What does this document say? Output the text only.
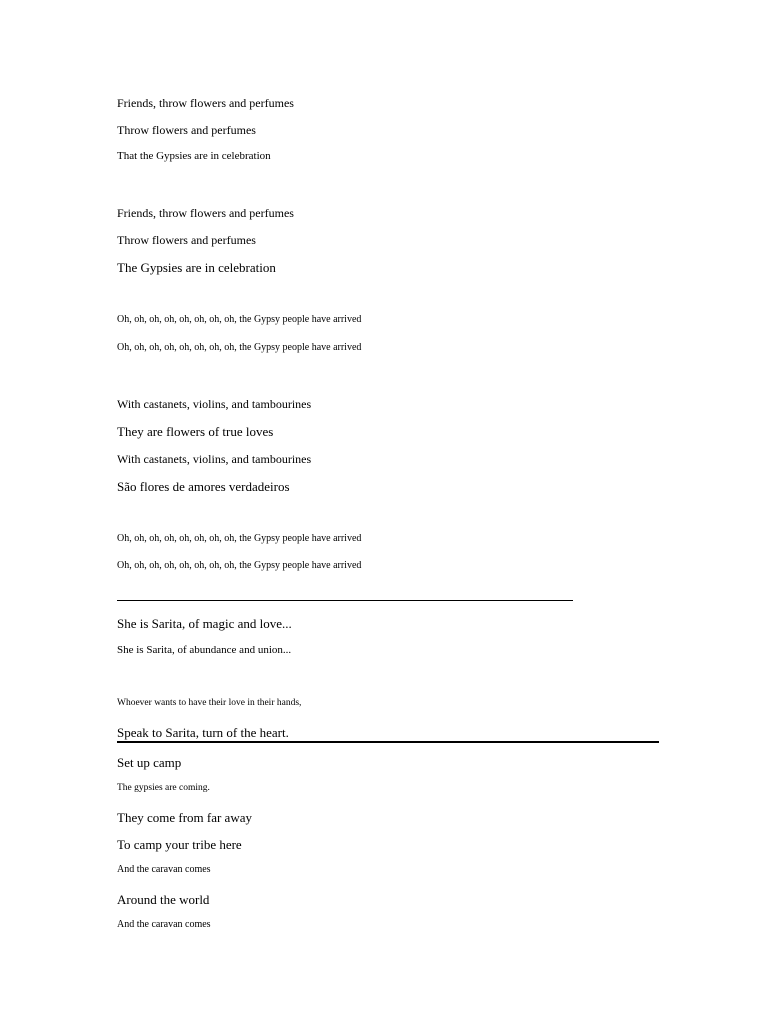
Friends, throw flowers and perfumes
Throw flowers and perfumes
That the Gypsies are in celebration
Friends, throw flowers and perfumes
Throw flowers and perfumes
The Gypsies are in celebration
Oh, oh, oh, oh, oh, oh, oh, oh, the Gypsy people have arrived
Oh, oh, oh, oh, oh, oh, oh, oh, the Gypsy people have arrived
With castanets, violins, and tambourines
They are flowers of true loves
With castanets, violins, and tambourines
São flores de amores verdadeiros
Oh, oh, oh, oh, oh, oh, oh, oh, the Gypsy people have arrived
Oh, oh, oh, oh, oh, oh, oh, oh, the Gypsy people have arrived
She is Sarita, of magic and love...
She is Sarita, of abundance and union...
Whoever wants to have their love in their hands,
Speak to Sarita, turn of the heart.
Set up camp
The gypsies are coming.
They come from far away
To camp your tribe here
And the caravan comes
Around the world
And the caravan comes
